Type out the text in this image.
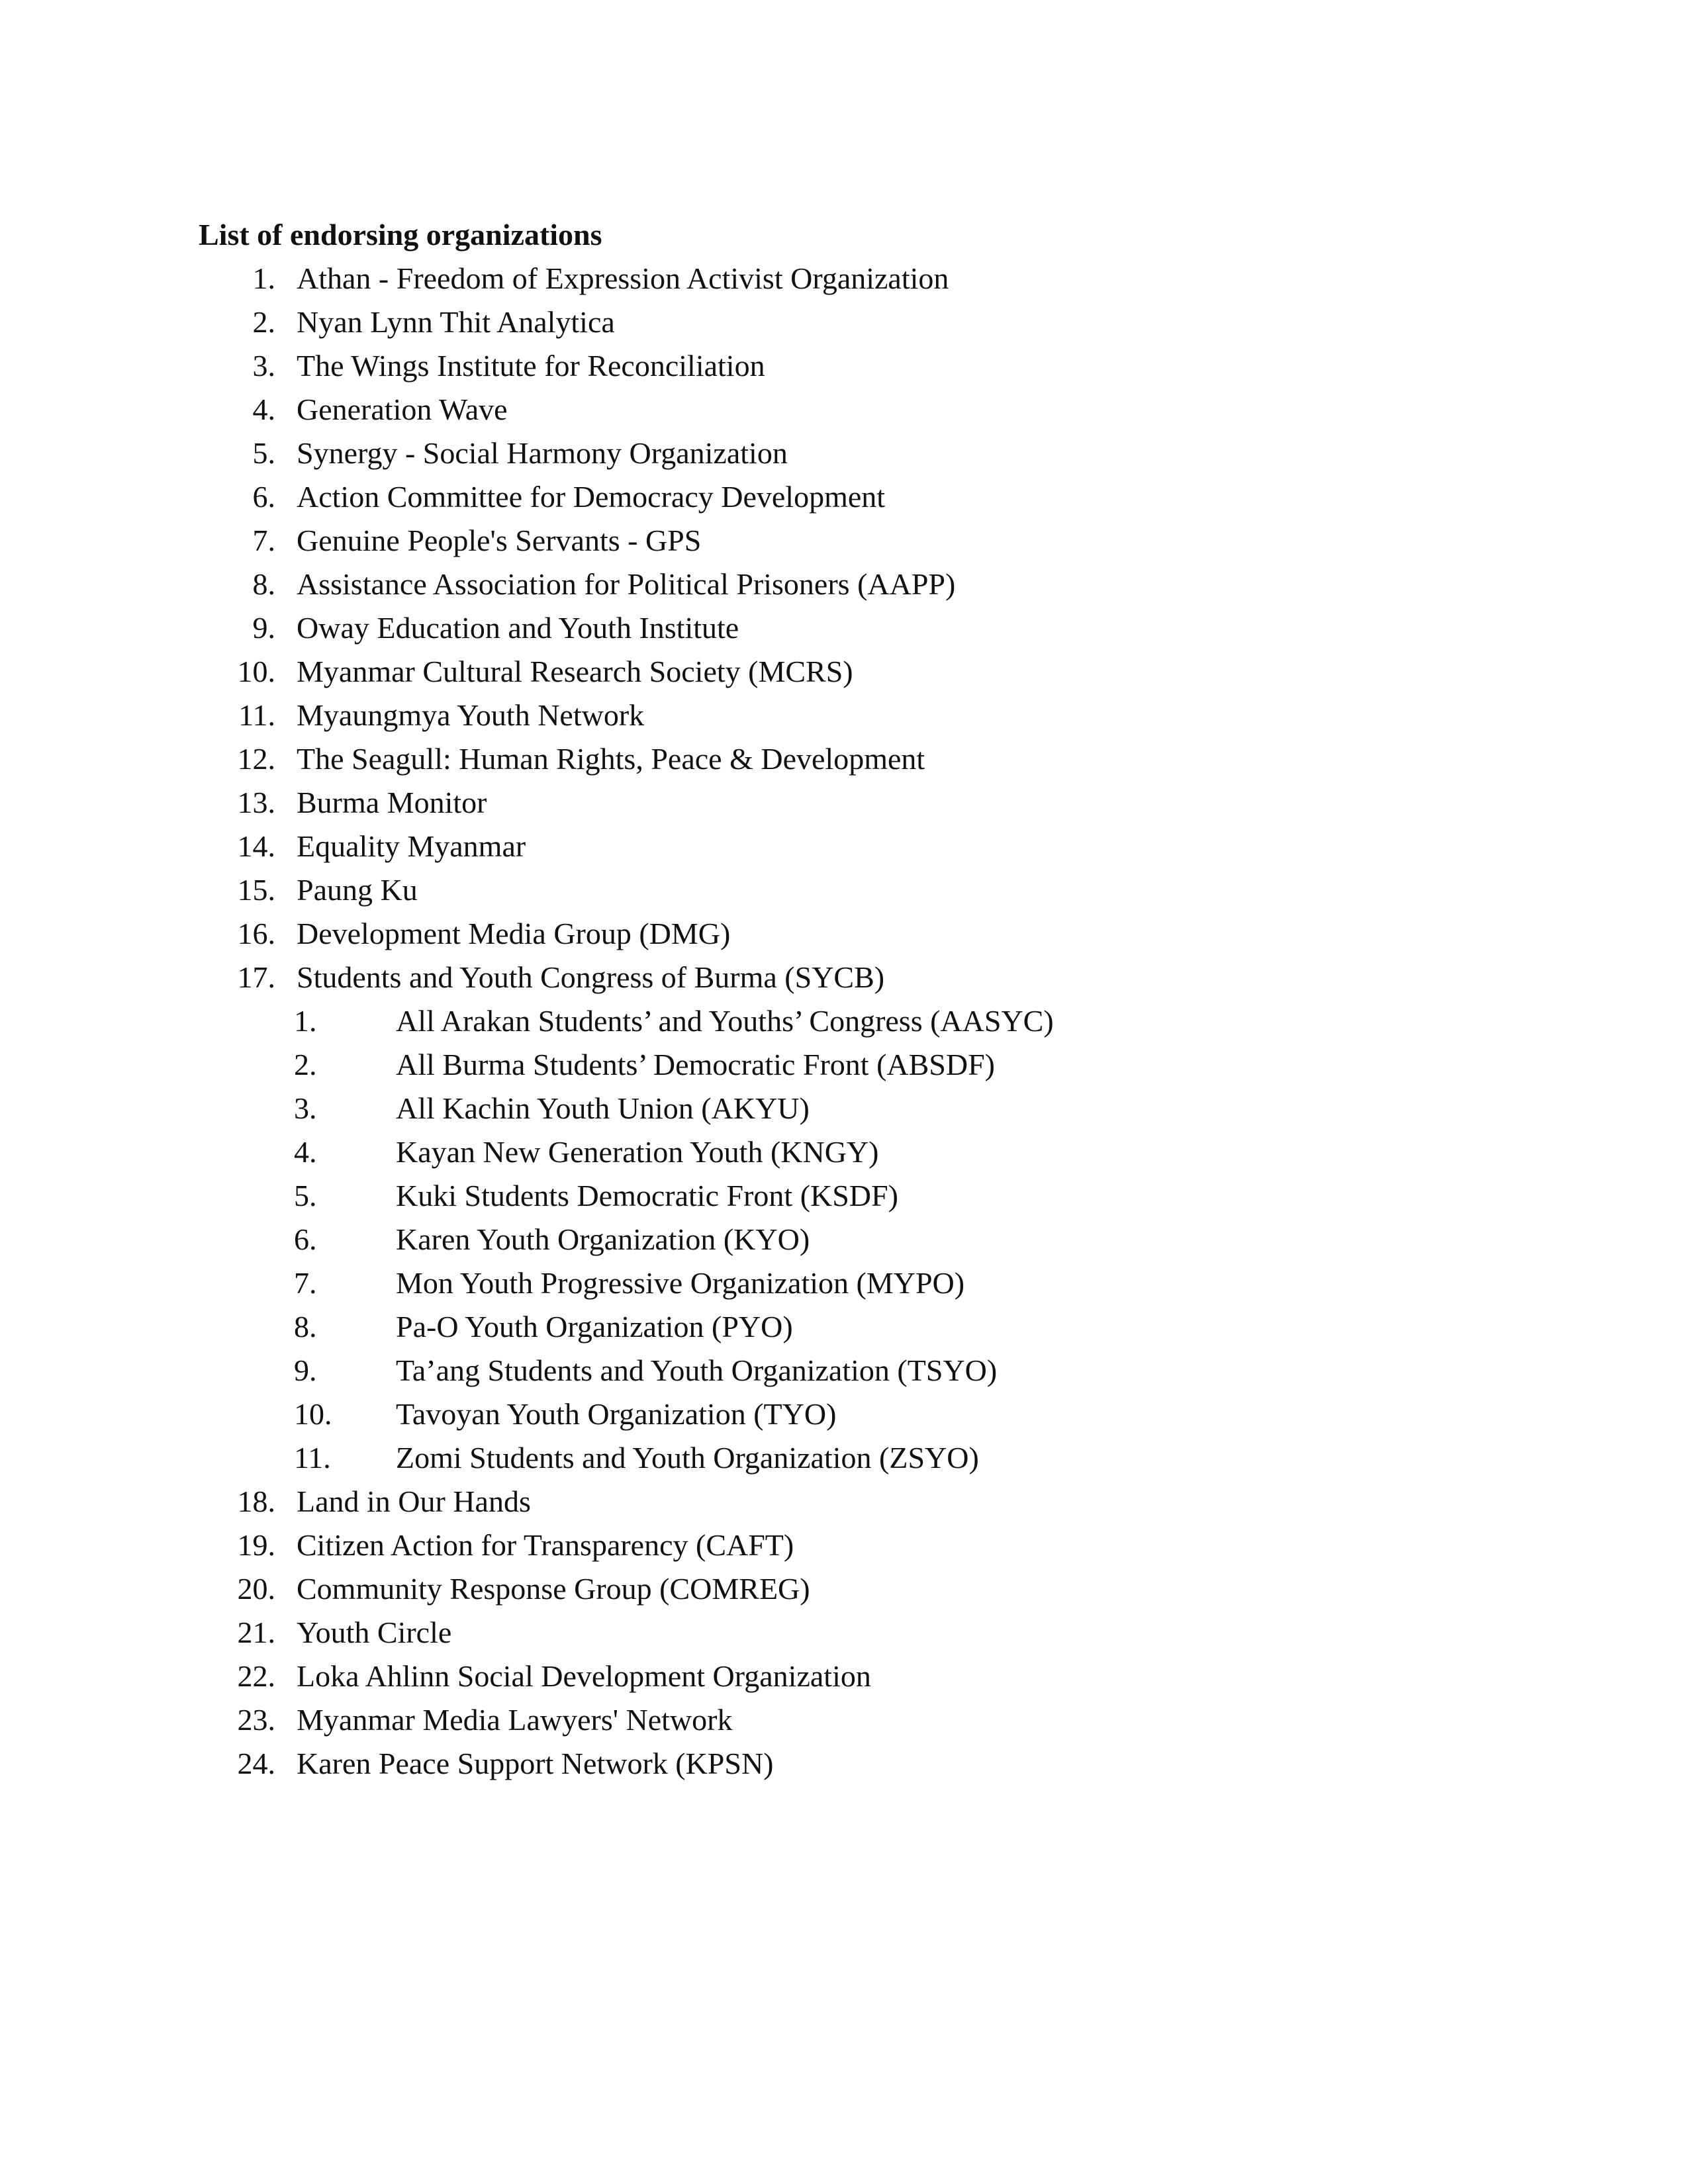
List of endorsing organizations
1. Athan - Freedom of Expression Activist Organization
2. Nyan Lynn Thit Analytica
3. The Wings Institute for Reconciliation
4. Generation Wave
5. Synergy - Social Harmony Organization
6. Action Committee for Democracy Development
7. Genuine People's Servants - GPS
8. Assistance Association for Political Prisoners (AAPP)
9. Oway Education and Youth Institute
10. Myanmar Cultural Research Society (MCRS)
11. Myaungmya Youth Network
12. The Seagull: Human Rights, Peace & Development
13. Burma Monitor
14. Equality Myanmar
15. Paung Ku
16. Development Media Group (DMG)
17. Students and Youth Congress of Burma (SYCB)
1.	All Arakan Students’ and Youths’ Congress (AASYC)
2.	All Burma Students’ Democratic Front (ABSDF)
3.	All Kachin Youth Union (AKYU)
4.	Kayan New Generation Youth (KNGY)
5.	Kuki Students Democratic Front (KSDF)
6.	Karen Youth Organization (KYO)
7.	Mon Youth Progressive Organization (MYPO)
8.	Pa-O Youth Organization (PYO)
9.	Ta’ang Students and Youth Organization (TSYO)
10.	Tavoyan Youth Organization (TYO)
11.	Zomi Students and Youth Organization (ZSYO)
18. Land in Our Hands
19. Citizen Action for Transparency (CAFT)
20. Community Response Group (COMREG)
21. Youth Circle
22. Loka Ahlinn Social Development Organization
23. Myanmar Media Lawyers' Network
24. Karen Peace Support Network (KPSN)
